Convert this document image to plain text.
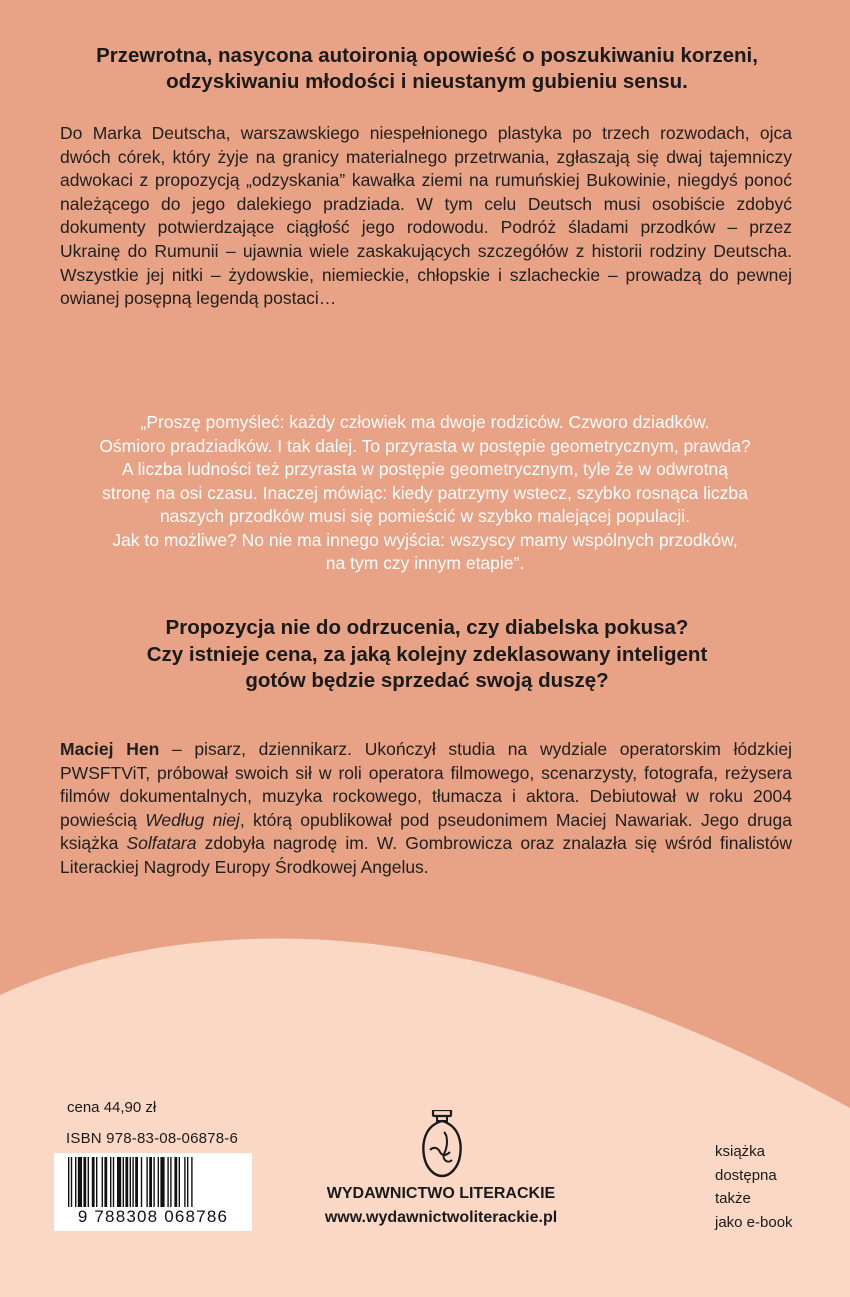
Przewrotna, nasycona autoironią opowieść o poszukiwaniu korzeni, odzyskiwaniu młodości i nieustanym gubieniu sensu.
Do Marka Deutscha, warszawskiego niespełnionego plastyka po trzech rozwodach, ojca dwóch córek, który żyje na granicy materialnego przetrwania, zgłaszają się dwaj tajemniczy adwokaci z propozycją „odzyskania” kawałka ziemi na rumuńskiej Bukowinie, niegdyś ponoć należącego do jego dalekiego pradziada. W tym celu Deutsch musi osobiście zdobyć dokumenty potwierdzające ciągłość jego rodowodu. Podróż śladami przodków – przez Ukrainę do Rumunii – ujawnia wiele zaskakujących szczegółów z historii rodziny Deutscha. Wszystkie jej nitki – żydowskie, niemieckie, chłopskie i szlacheckie – prowadzą do pewnej owianej posępną legendą postaci…
„Proszę pomyśleć: każdy człowiek ma dwoje rodziców. Czworo dziadków.
Ośmioro pradziadków. I tak dalej. To przyrasta w postępie geometrycznym, prawda?
A liczba ludności też przyrasta w postępie geometrycznym, tyle że w odwrotną
stronę na osi czasu. Inaczej mówiąc: kiedy patrzymy wstecz, szybko rosnąca liczba
naszych przodków musi się pomieścić w szybko malejącej populacji.
Jak to możliwe? No nie ma innego wyjścia: wszyscy mamy wspólnych przodków,
na tym czy innym etapie”.
Propozycja nie do odrzucenia, czy diabelska pokusa?
Czy istnieje cena, za jaką kolejny zdeklasowany inteligent
gotów będzie sprzedać swoją duszę?
Maciej Hen – pisarz, dziennikarz. Ukończył studia na wydziale operatorskim łódzkiej PWSFTViT, próbował swoich sił w roli operatora filmowego, scenarzysty, fotografa, reżysera filmów dokumentalnych, muzyka rockowego, tłumacza i aktora. Debiutował w roku 2004 powieścią Według niej, którą opublikował pod pseudonimem Maciej Nawariak. Jego druga książka Solfatara zdobyła nagrodę im. W. Gombrowicza oraz znalazła się wśród finalistów Literackiej Nagrody Europy Środkowej Angelus.
cena 44,90 zł
ISBN 978-83-08-06878-6
9 788308 068786
WYDAWNICTWO LITERACKIE
www.wydawnictwoliterackie.pl
książka
dostępna
także
jako e-book
